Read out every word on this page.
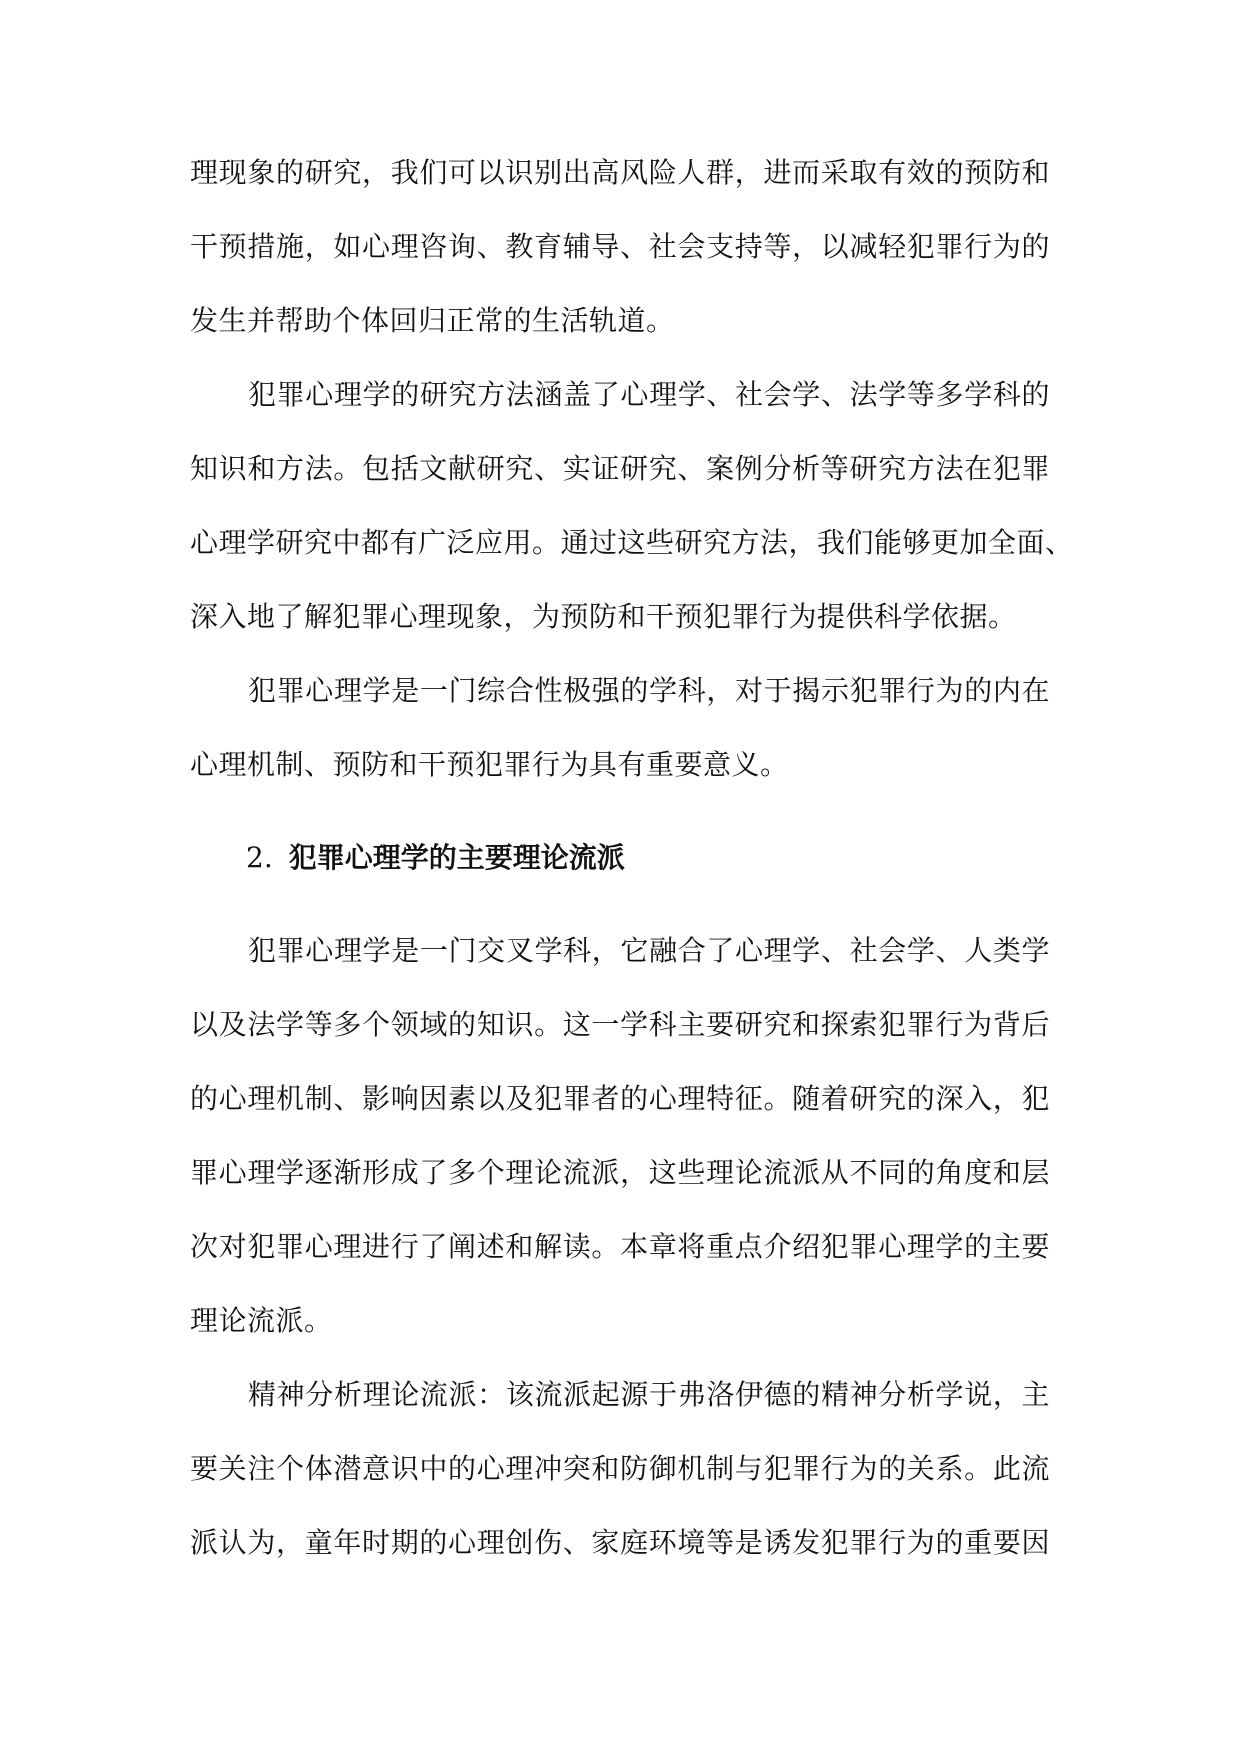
理现象的研究，我们可以识别出高风险人群，进而采取有效的预防和
干预措施，如心理咨询、教育辅导、社会支持等，以减轻犯罪行为的
发生并帮助个体回归正常的生活轨道。
犯罪心理学的研究方法涵盖了心理学、社会学、法学等多学科的
知识和方法。包括文献研究、实证研究、案例分析等研究方法在犯罪
心理学研究中都有广泛应用。通过这些研究方法，我们能够更加全面、
深入地了解犯罪心理现象，为预防和干预犯罪行为提供科学依据。
犯罪心理学是一门综合性极强的学科，对于揭示犯罪行为的内在
心理机制、预防和干预犯罪行为具有重要意义。
2. 犯罪心理学的主要理论流派
犯罪心理学是一门交叉学科，它融合了心理学、社会学、人类学
以及法学等多个领域的知识。这一学科主要研究和探索犯罪行为背后
的心理机制、影响因素以及犯罪者的心理特征。随着研究的深入，犯
罪心理学逐渐形成了多个理论流派，这些理论流派从不同的角度和层
次对犯罪心理进行了阐述和解读。本章将重点介绍犯罪心理学的主要
理论流派。
精神分析理论流派：该流派起源于弗洛伊德的精神分析学说，主
要关注个体潜意识中的心理冲突和防御机制与犯罪行为的关系。此流
派认为，童年时期的心理创伤、家庭环境等是诱发犯罪行为的重要因
